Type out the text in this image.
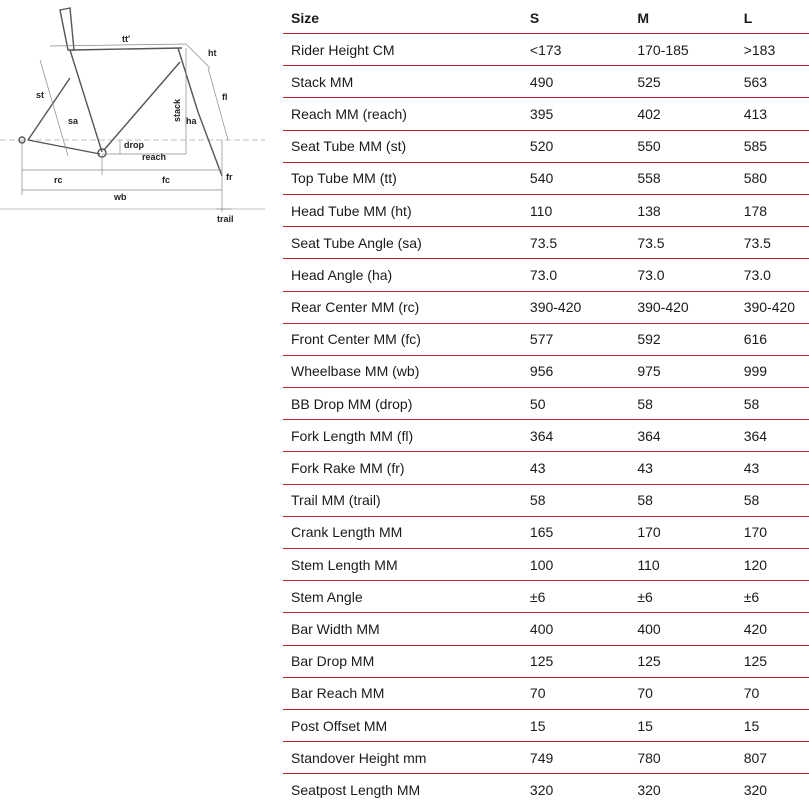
tt'
ht
st	fl
stack
sa	ha
drop
reach
rc	fc	fr
wb
trail
Size	S	M	L
Rider Height CM	<173	170-185	>183
Stack MM	490	525	563
Reach MM (reach)	395	402	413
Seat Tube MM (st)	520	550	585
Top Tube MM (tt)	540	558	580
Head Tube MM (ht)	110	138	178
Seat Tube Angle (sa)	73.5	73.5	73.5
Head Angle (ha)	73.0	73.0	73.0
Rear Center MM (rc)	390-420	390-420	390-420
Front Center MM (fc)	577	592	616
Wheelbase MM (wb)	956	975	999
BB Drop MM (drop)	50	58	58
Fork Length MM (fl)	364	364	364
Fork Rake MM (fr)	43	43	43
Trail MM (trail)	58	58	58
Crank Length MM	165	170	170
Stem Length MM	100	110	120
Stem Angle	±6	±6	±6
Bar Width MM	400	400	420
Bar Drop MM	125	125	125
Bar Reach MM	70	70	70
Post Offset MM	15	15	15
Standover Height mm	749	780	807
Seatpost Length MM	320	320	320
